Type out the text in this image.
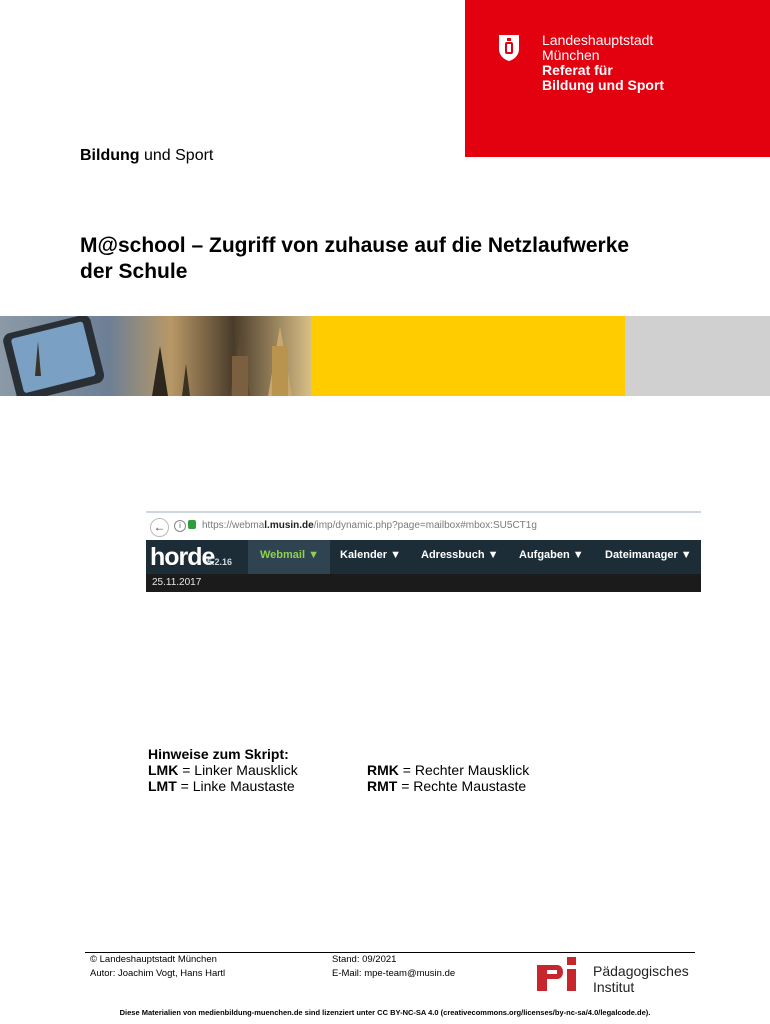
Landeshauptstadt
München
Referat für
Bildung und Sport
Bildung und Sport
M@school – Zugriff von zuhause auf die Netzlaufwerke
der Schule
←	i	https://webmal.musin.de/imp/dynamic.php?page=mailbox#mbox:SU5CT1g
horde
5.2.16
Webmail ▼ Kalender ▼ Adressbuch ▼ Aufgaben ▼ Dateimanager ▼
25.11.2017
Hinweise zum Skript:
LMK = Linker Mausklick
LMT = Linke Maustaste
RMK = Rechter Mausklick
RMT = Rechte Maustaste
© Landeshauptstadt München
Autor: Joachim Vogt, Hans Hartl
Stand: 09/2021
E-Mail: mpe-team@musin.de	Pädagogisches
Institut
Diese Materialien von medienbildung-muenchen.de sind lizenziert unter CC BY-NC-SA 4.0 (creativecommons.org/licenses/by-nc-sa/4.0/legalcode.de).
